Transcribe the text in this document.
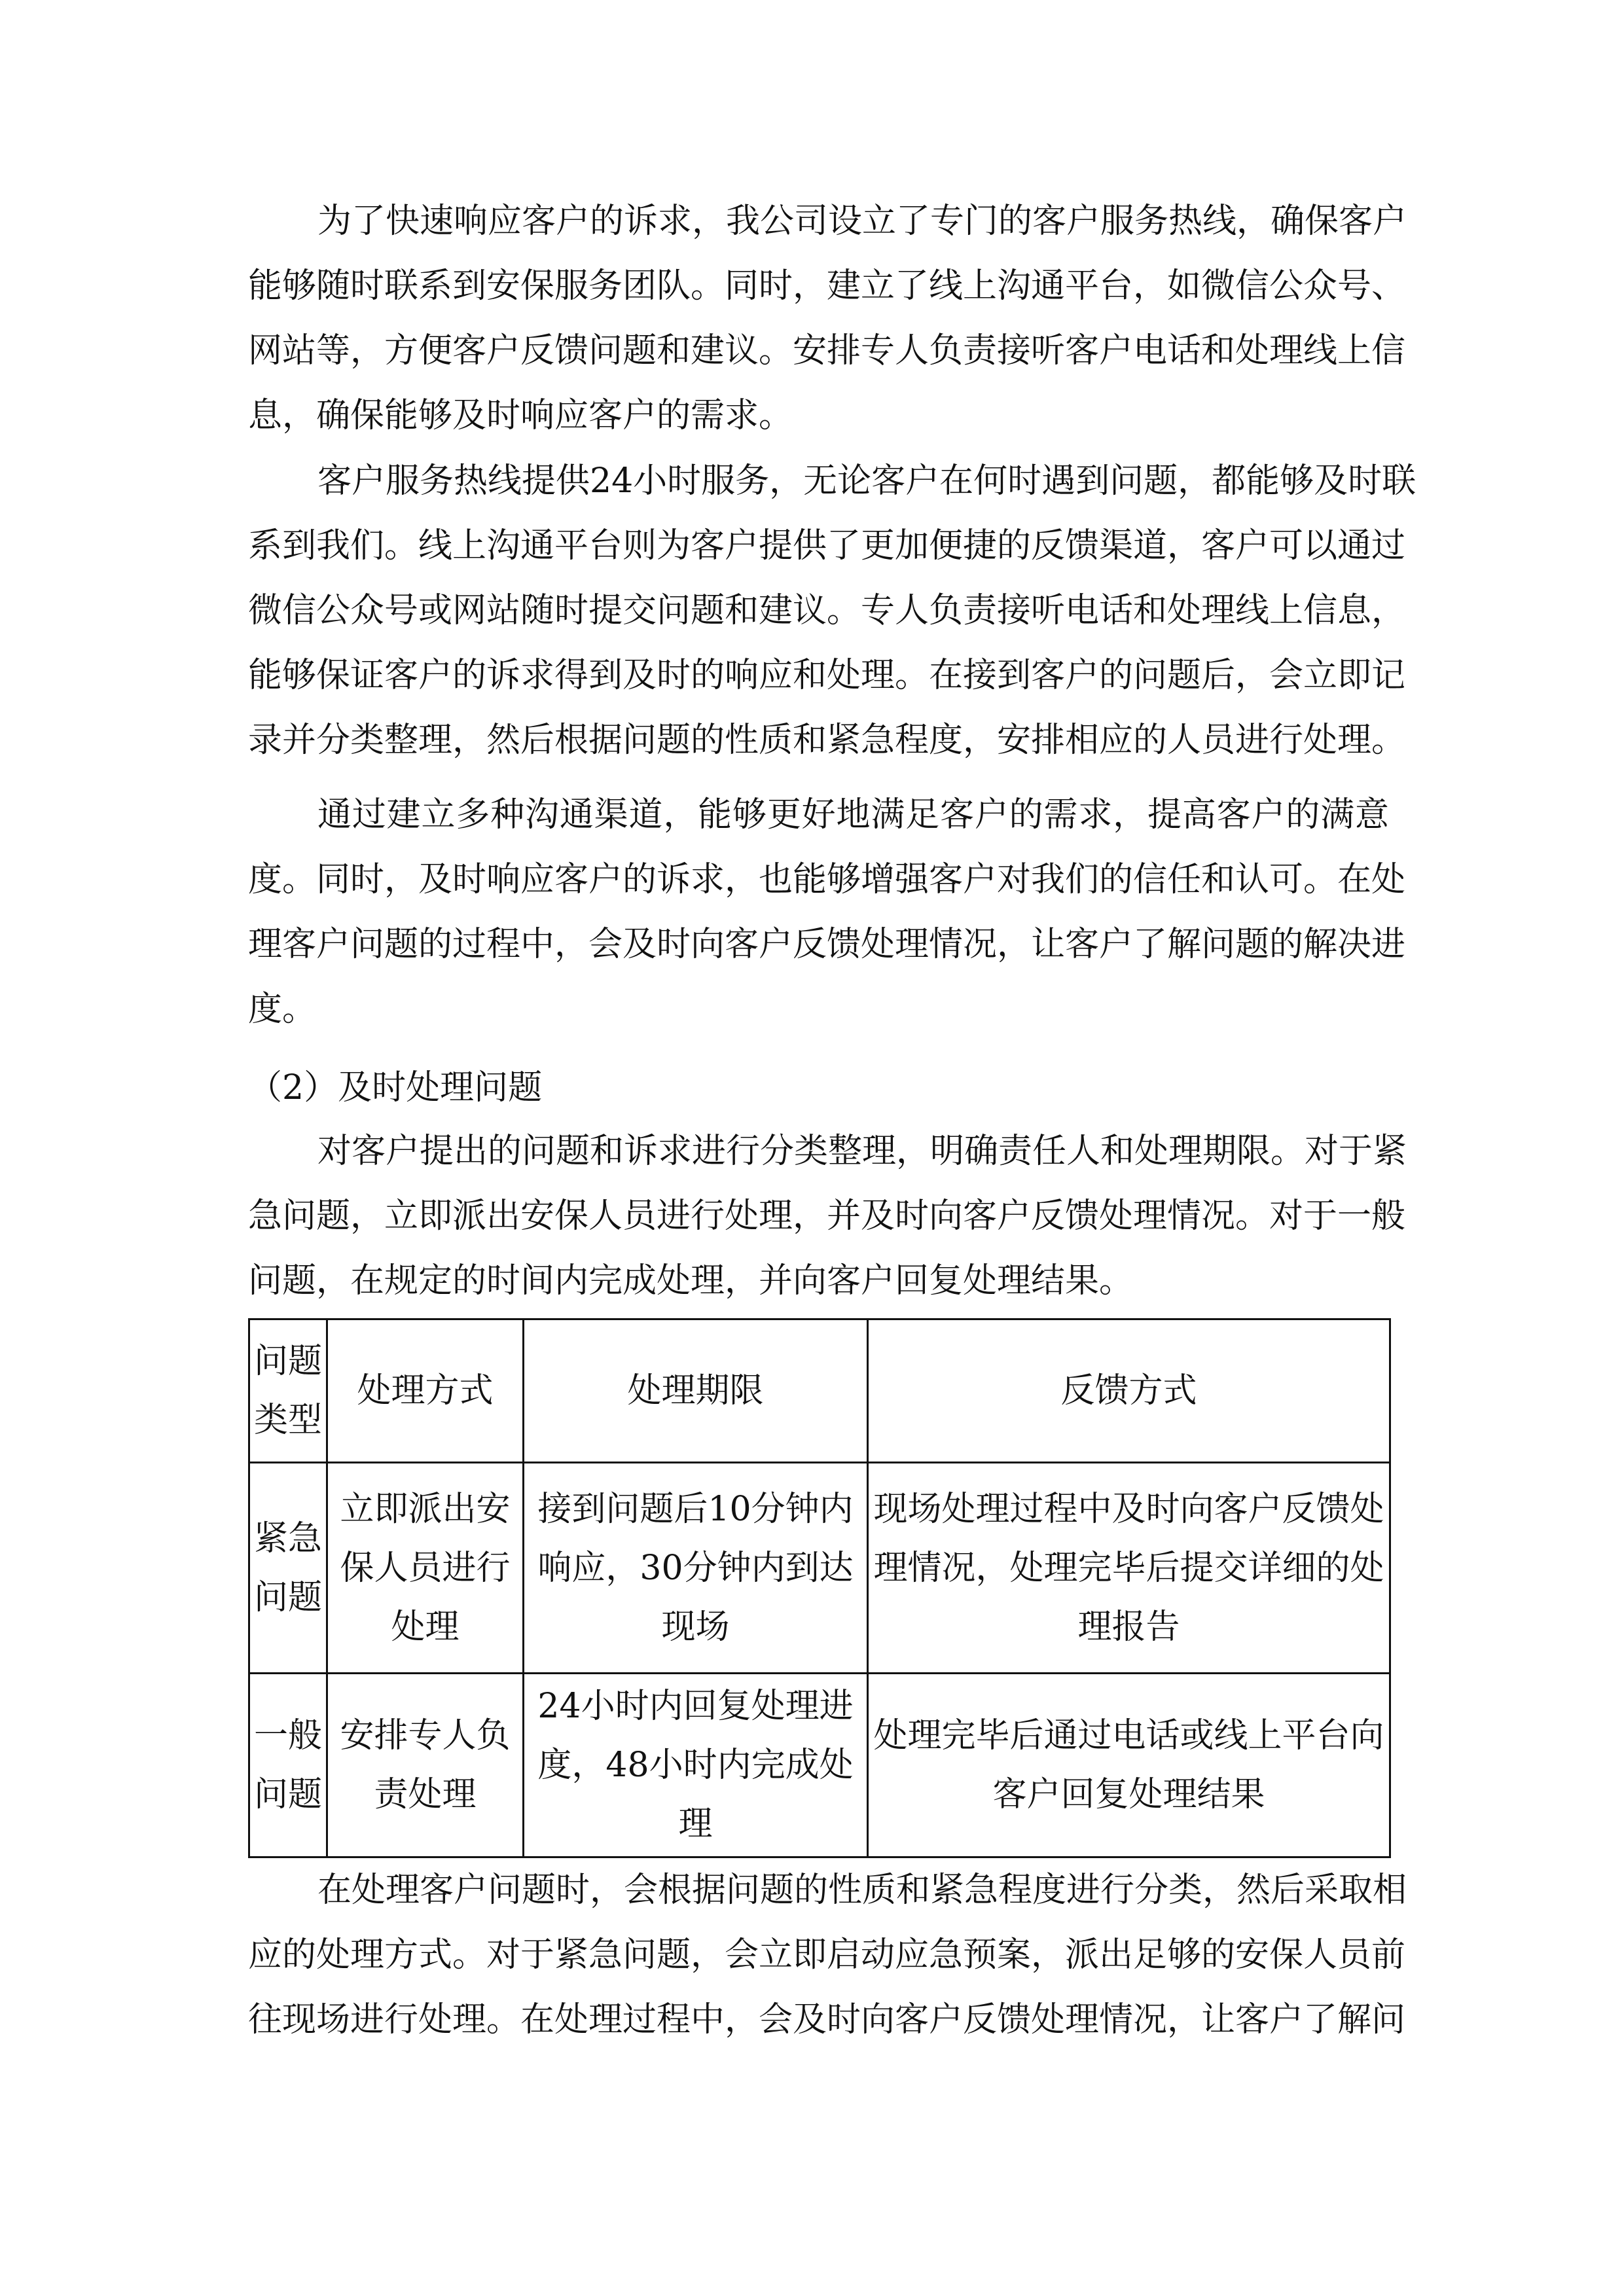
为了快速响应客户的诉求，我公司设立了专门的客户服务热线，确保客户
能够随时联系到安保服务团队。同时，建立了线上沟通平台，如微信公众号、
网站等，方便客户反馈问题和建议。安排专人负责接听客户电话和处理线上信
息，确保能够及时响应客户的需求。
客户服务热线提供24小时服务，无论客户在何时遇到问题，都能够及时联
系到我们。线上沟通平台则为客户提供了更加便捷的反馈渠道，客户可以通过
微信公众号或网站随时提交问题和建议。专人负责接听电话和处理线上信息，
能够保证客户的诉求得到及时的响应和处理。在接到客户的问题后，会立即记
录并分类整理，然后根据问题的性质和紧急程度，安排相应的人员进行处理。
通过建立多种沟通渠道，能够更好地满足客户的需求，提高客户的满意
度。同时，及时响应客户的诉求，也能够增强客户对我们的信任和认可。在处
理客户问题的过程中，会及时向客户反馈处理情况，让客户了解问题的解决进
度。
（2）及时处理问题
对客户提出的问题和诉求进行分类整理，明确责任人和处理期限。对于紧
急问题，立即派出安保人员进行处理，并及时向客户反馈处理情况。对于一般
问题，在规定的时间内完成处理，并向客户回复处理结果。
问题类型	处理方式	处理期限	反馈方式
紧急问题	立即派出安保人员进行处理	接到问题后10分钟内响应，30分钟内到达现场	现场处理过程中及时向客户反馈处理情况，处理完毕后提交详细的处理报告
一般问题	安排专人负责处理	24小时内回复处理进度，48小时内完成处理	处理完毕后通过电话或线上平台向客户回复处理结果
在处理客户问题时，会根据问题的性质和紧急程度进行分类，然后采取相
应的处理方式。对于紧急问题，会立即启动应急预案，派出足够的安保人员前
往现场进行处理。在处理过程中，会及时向客户反馈处理情况，让客户了解问
